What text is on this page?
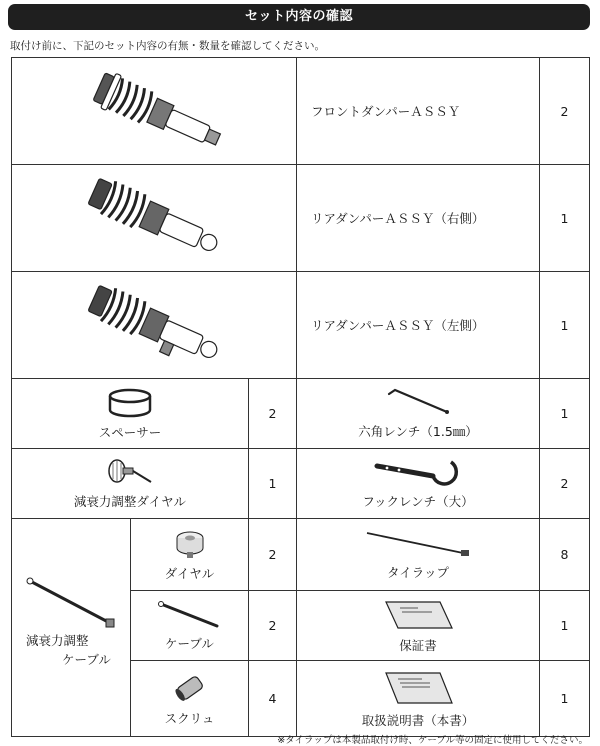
セット内容の確認
取付け前に、下記のセット内容の有無・数量を確認してください。
	フロントダンパーＡＳＳＹ	2

	リアダンパーＡＳＳＹ（右側）	1

	リアダンパーＡＳＳＹ（左側）	1

スペーサー		2	六角レンチ（1.5㎜）	1

減衰力調整ダイヤル		1	フックレンチ（大）	2

減衰力調整
ケーブル	ダイヤル	2	タイラップ	8

	ケーブル	2	保証書	1

	スクリュ	4	取扱説明書（本書）	1
※タイラップは本製品取付け時、ケーブル等の固定に使用してください。
